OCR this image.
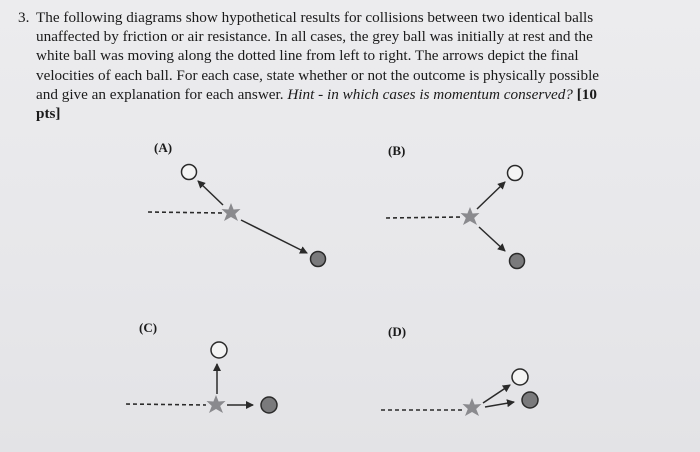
3. The following diagrams show hypothetical results for collisions between two identical balls
unaffected by friction or air resistance. In all cases, the grey ball was initially at rest and the
white ball was moving along the dotted line from left to right. The arrows depict the final
velocities of each ball. For each case, state whether or not the outcome is physically possible
and give an explanation for each answer. Hint - in which cases is momentum conserved? [10
pts]
(A)	(B)
(C)	(D)
